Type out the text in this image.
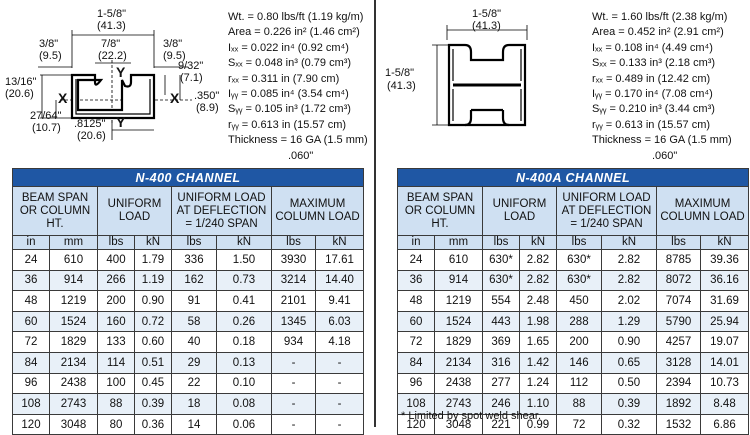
1-5/8"
(41.3)
3/8"
(9.5)
7/8"
(22.2)
3/8"
(9.5)
13/16"
(20.6)
9/32"
(7.1)
.350"
(8.9)
27/64"
(10.7) .8125"
(20.6)
X	X
Y
Y
Wt. = 0.80 lbs/ft (1.19 kg/m)
Area = 0.226 in² (1.46 cm²)
Iₓₓ = 0.022 in⁴ (0.92 cm⁴)
Sₓₓ = 0.048 in³ (0.79 cm³)
rₓₓ = 0.311 in (7.90 cm)
Iᵧᵧ = 0.085 in⁴ (3.54 cm⁴)
Sᵧᵧ = 0.105 in³ (1.72 cm³)
rᵧᵧ = 0.613 in (15.57 cm)
Thickness = 16 GA (1.5 mm)
.060"
N-400 CHANNEL							
BEAM SPAN OR COLUMN HT.		UNIFORM LOAD		UNIFORM LOAD AT DEFLECTION = 1/240 SPAN		MAXIMUM COLUMN LOAD	
in	mm	lbs	kN	lbs	kN	lbs	kN
24	610	400	1.79	336	1.50	3930	17.61
36	914	266	1.19	162	0.73	3214	14.40
48	1219	200	0.90	91	0.41	2101	9.41
60	1524	160	0.72	58	0.26	1345	6.03
72	1829	133	0.60	40	0.18	934	4.18
84	2134	114	0.51	29	0.13	-	-
96	2438	100	0.45	22	0.10	-	-
108	2743	88	0.39	18	0.08	-	-
120	3048	80	0.36	14	0.06	-	-
1-5/8"
(41.3)
1-5/8"
(41.3)
Wt. = 1.60 lbs/ft (2.38 kg/m)
Area = 0.452 in² (2.91 cm²)
Iₓₓ = 0.108 in⁴ (4.49 cm⁴)
Sₓₓ = 0.133 in³ (2.18 cm³)
rₓₓ = 0.489 in (12.42 cm)
Iᵧᵧ = 0.170 in⁴ (7.08 cm⁴)
Sᵧᵧ = 0.210 in³ (3.44 cm³)
rᵧᵧ = 0.613 in (15.57 cm)
Thickness = 16 GA (1.5 mm)
.060"
N-400A CHANNEL							
BEAM SPAN OR COLUMN HT.		UNIFORM LOAD		UNIFORM LOAD AT DEFLECTION = 1/240 SPAN		MAXIMUM COLUMN LOAD	
in	mm	lbs	kN	lbs	kN	lbs	kN
24	610	630*	2.82	630*	2.82	8785	39.36
36	914	630*	2.82	630*	2.82	8072	36.16
48	1219	554	2.48	450	2.02	7074	31.69
60	1524	443	1.98	288	1.29	5790	25.94
72	1829	369	1.65	200	0.90	4257	19.07
84	2134	316	1.42	146	0.65	3128	14.01
96	2438	277	1.24	112	0.50	2394	10.73
108	2743	246	1.10	88	0.39	1892	8.48
120	3048	221	0.99	72	0.32	1532	6.86
* Limited by spot weld shear.
